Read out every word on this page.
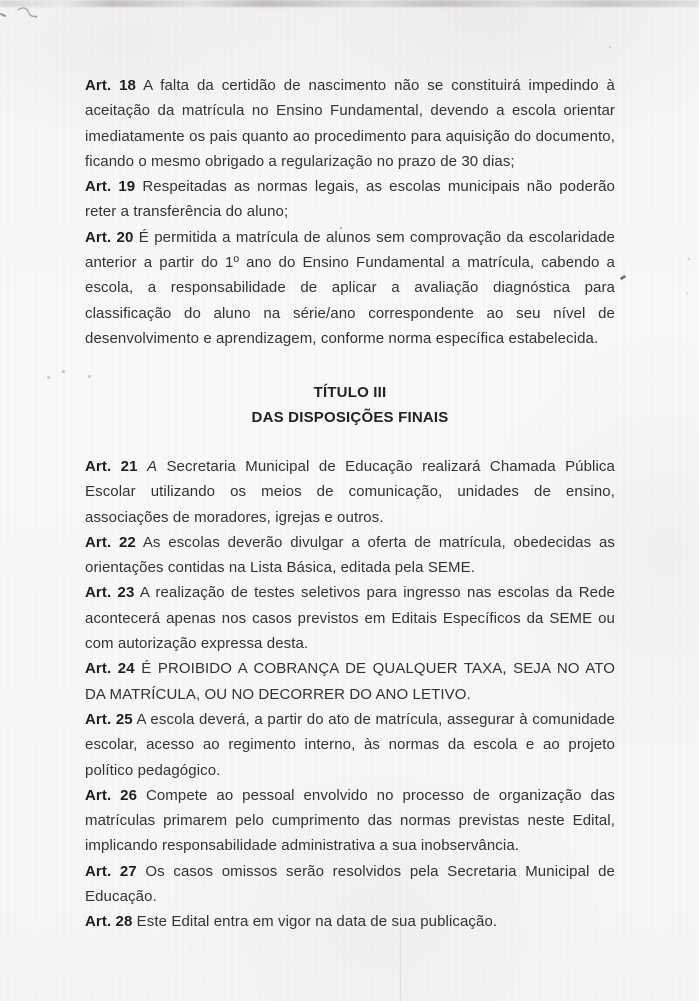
Art. 18 A falta da certidão de nascimento não se constituirá impedindo à aceitação da matrícula no Ensino Fundamental, devendo a escola orientar imediatamente os pais quanto ao procedimento para aquisição do documento, ficando o mesmo obrigado a regularização no prazo de 30 dias;

Art. 19 Respeitadas as normas legais, as escolas municipais não poderão reter a transferência do aluno;

Art. 20 É permitida a matrícula de alunos sem comprovação da escolaridade anterior a partir do 1º ano do Ensino Fundamental a matrícula, cabendo a escola, a responsabilidade de aplicar a avaliação diagnóstica para classificação do aluno na série/ano correspondente ao seu nível de desenvolvimento e aprendizagem, conforme norma específica estabelecida.

TÍTULO III
DAS DISPOSIÇÕES FINAIS

Art. 21 A Secretaria Municipal de Educação realizará Chamada Pública Escolar utilizando os meios de comunicação, unidades de ensino, associações de moradores, igrejas e outros.

Art. 22 As escolas deverão divulgar a oferta de matrícula, obedecidas as orientações contidas na Lista Básica, editada pela SEME.

Art. 23 A realização de testes seletivos para ingresso nas escolas da Rede acontecerá apenas nos casos previstos em Editais Específicos da SEME ou com autorização expressa desta.

Art. 24 É PROIBIDO A COBRANÇA DE QUALQUER TAXA, SEJA NO ATO DA MATRÍCULA, OU NO DECORRER DO ANO LETIVO.

Art. 25 A escola deverá, a partir do ato de matrícula, assegurar à comunidade escolar, acesso ao regimento interno, às normas da escola e ao projeto político pedagógico.

Art. 26 Compete ao pessoal envolvido no processo de organização das matrículas primarem pelo cumprimento das normas previstas neste Edital, implicando responsabilidade administrativa a sua inobservância.

Art. 27 Os casos omissos serão resolvidos pela Secretaria Municipal de Educação.

Art. 28 Este Edital entra em vigor na data de sua publicação.
